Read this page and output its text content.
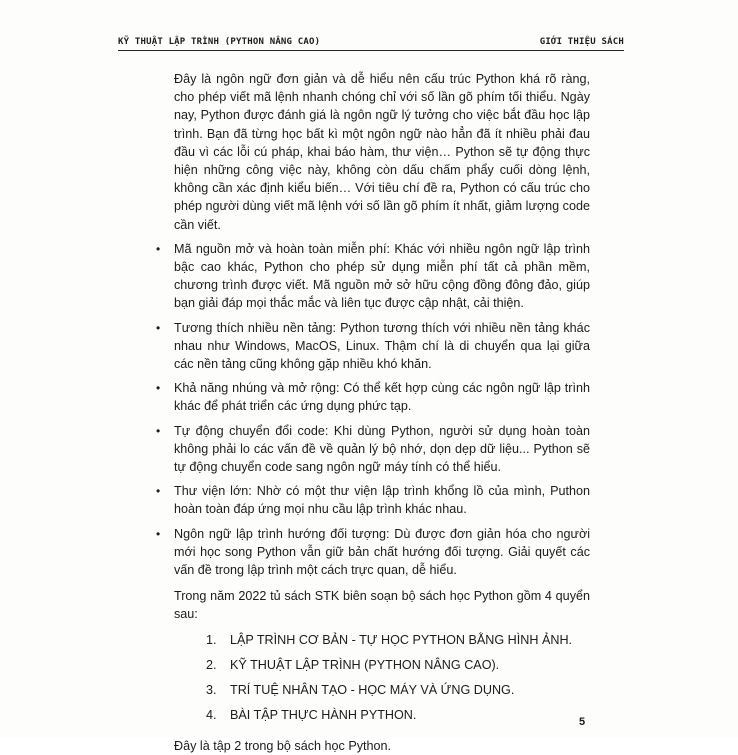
KỸ THUẬT LẬP TRÌNH (PYTHON NÂNG CAO)	GIỚI THIỆU SÁCH

Đây là ngôn ngữ đơn giản và dễ hiểu nên cấu trúc Python khá rõ ràng, cho phép viết mã lệnh nhanh chóng chỉ với số lần gõ phím tối thiểu. Ngày nay, Python được đánh giá là ngôn ngữ lý tưởng cho việc bắt đầu học lập trình. Bạn đã từng học bất kì một ngôn ngữ nào hẳn đã ít nhiều phải đau đầu vì các lỗi cú pháp, khai báo hàm, thư viện… Python sẽ tự động thực hiện những công việc này, không còn dấu chấm phẩy cuối dòng lệnh, không cần xác định kiểu biến… Với tiêu chí đề ra, Python có cấu trúc cho phép người dùng viết mã lệnh với số lần gõ phím ít nhất, giảm lượng code cần viết.

• Mã nguồn mở và hoàn toàn miễn phí: Khác với nhiều ngôn ngữ lập trình bậc cao khác, Python cho phép sử dụng miễn phí tất cả phần mềm, chương trình được viết. Mã nguồn mở sở hữu cộng đồng đông đảo, giúp bạn giải đáp mọi thắc mắc và liên tục được cập nhật, cải thiện.
• Tương thích nhiều nền tảng: Python tương thích với nhiều nền tảng khác nhau như Windows, MacOS, Linux. Thậm chí là di chuyển qua lại giữa các nền tảng cũng không gặp nhiều khó khăn.
• Khả năng nhúng và mở rộng: Có thể kết hợp cùng các ngôn ngữ lập trình khác để phát triển các ứng dụng phức tạp.
• Tự động chuyển đổi code: Khi dùng Python, người sử dụng hoàn toàn không phải lo các vấn đề về quản lý bộ nhớ, dọn dẹp dữ liệu... Python sẽ tự động chuyển code sang ngôn ngữ máy tính có thể hiểu.
• Thư viện lớn: Nhờ có một thư viện lập trình khổng lồ của mình, Puthon hoàn toàn đáp ứng mọi nhu cầu lập trình khác nhau.
• Ngôn ngữ lập trình hướng đối tượng: Dù được đơn giản hóa cho người mới học song Python vẫn giữ bản chất hướng đối tượng. Giải quyết các vấn đề trong lập trình một cách trực quan, dễ hiểu.

Trong năm 2022 tủ sách STK biên soạn bộ sách học Python gồm 4 quyển sau:

1.	LẬP TRÌNH CƠ BẢN - TỰ HỌC PYTHON BẰNG HÌNH ẢNH.
2.	KỸ THUẬT LẬP TRÌNH (PYTHON NÂNG CAO).
3.	TRÍ TUỆ NHÂN TẠO - HỌC MÁY VÀ ỨNG DỤNG.
4.	BÀI TẬP THỰC HÀNH PYTHON.

Đây là tập 2 trong bộ sách học Python.

5
